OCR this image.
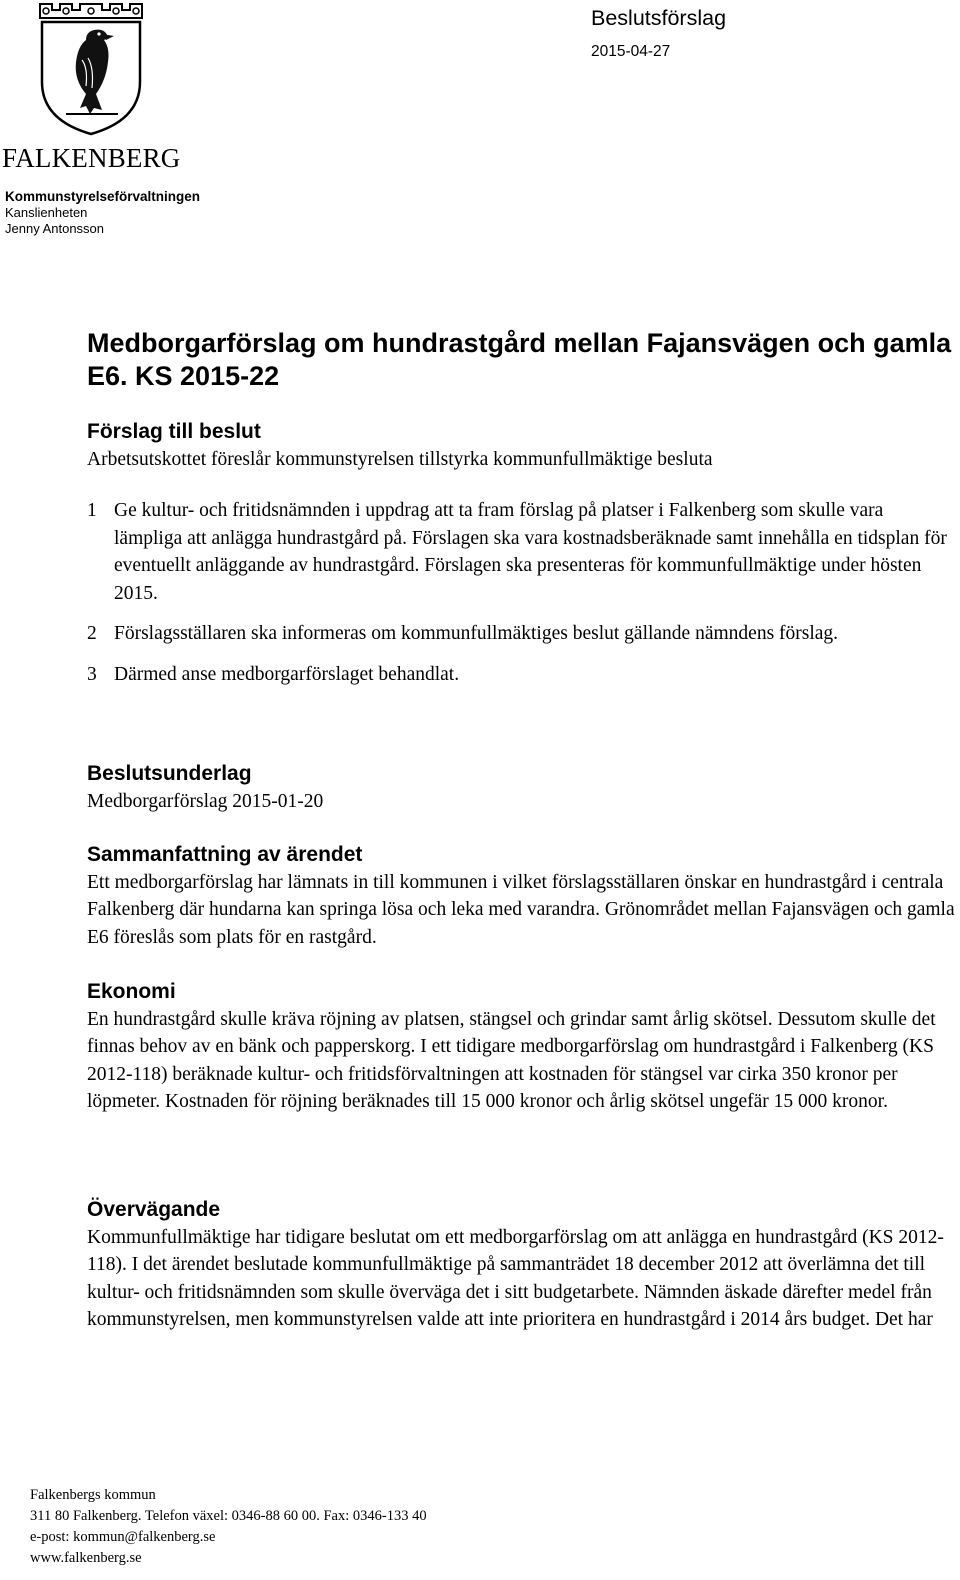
FALKENBERG
Kommunstyrelseförvaltningen
Kanslienheten
Jenny Antonsson
Beslutsförslag
2015-04-27
Medborgarförslag om hundrastgård mellan Fajansvägen och gamla E6. KS 2015-22
Förslag till beslut
Arbetsutskottet föreslår kommunstyrelsen tillstyrka kommunfullmäktige besluta
1 Ge kultur- och fritidsnämnden i uppdrag att ta fram förslag på platser i Falkenberg som skulle vara lämpliga att anlägga hundrastgård på. Förslagen ska vara kostnadsberäknade samt innehålla en tidsplan för eventuellt anläggande av hundrastgård. Förslagen ska presenteras för kommunfullmäktige under hösten 2015.
2 Förslagsställaren ska informeras om kommunfullmäktiges beslut gällande nämndens förslag.
3 Därmed anse medborgarförslaget behandlat.
Beslutsunderlag
Medborgarförslag 2015-01-20
Sammanfattning av ärendet
Ett medborgarförslag har lämnats in till kommunen i vilket förslagsställaren önskar en hundrastgård i centrala Falkenberg där hundarna kan springa lösa och leka med varandra. Grönområdet mellan Fajansvägen och gamla E6 föreslås som plats för en rastgård.
Ekonomi
En hundrastgård skulle kräva röjning av platsen, stängsel och grindar samt årlig skötsel. Dessutom skulle det finnas behov av en bänk och papperskorg. I ett tidigare medborgarförslag om hundrastgård i Falkenberg (KS 2012-118) beräknade kultur- och fritidsförvaltningen att kostnaden för stängsel var cirka 350 kronor per löpmeter. Kostnaden för röjning beräknades till 15 000 kronor och årlig skötsel ungefär 15 000 kronor.
Övervägande
Kommunfullmäktige har tidigare beslutat om ett medborgarförslag om att anlägga en hundrastgård (KS 2012-118). I det ärendet beslutade kommunfullmäktige på sammanträdet 18 december 2012 att överlämna det till kultur- och fritidsnämnden som skulle överväga det i sitt budgetarbete. Nämnden äskade därefter medel från kommunstyrelsen, men kommunstyrelsen valde att inte prioritera en hundrastgård i 2014 års budget. Det har
Falkenbergs kommun
311 80 Falkenberg. Telefon växel: 0346-88 60 00. Fax: 0346-133 40
e-post: kommun@falkenberg.se
www.falkenberg.se
